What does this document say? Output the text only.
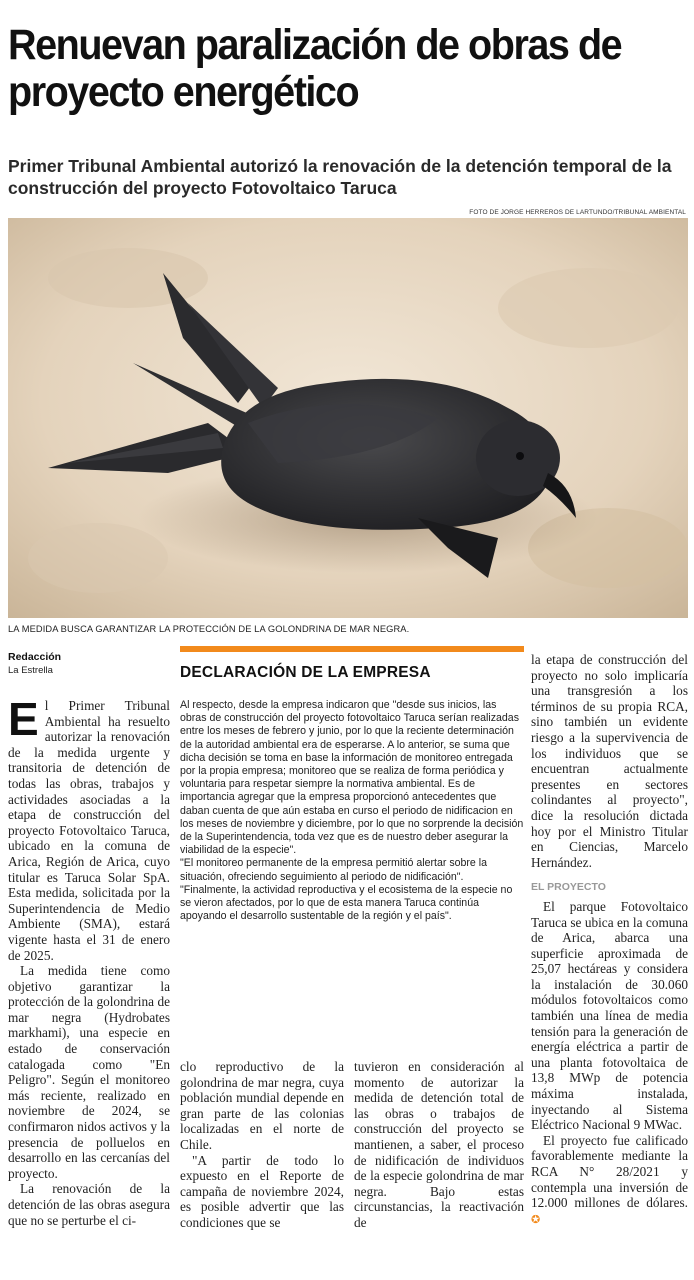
Renuevan paralización de obras de proyecto energético
Primer Tribunal Ambiental autorizó la renovación de la detención temporal de la construcción del proyecto Fotovoltaico Taruca
FOTO DE JORGE HERREROS DE LARTUNDO/TRIBUNAL AMBIENTAL
LA MEDIDA BUSCA GARANTIZAR LA PROTECCIÓN DE LA GOLONDRINA DE MAR NEGRA.
Redacción
La Estrella

El Primer Tribunal Ambiental ha resuelto autorizar la renovación de la medida urgente y transitoria de detención de todas las obras, trabajos y actividades asociadas a la etapa de construcción del proyecto Fotovoltaico Taruca, ubicado en la comuna de Arica, Región de Arica, cuyo titular es Taruca Solar SpA. Esta medida, solicitada por la Superintendencia de Medio Ambiente (SMA), estará vigente hasta el 31 de enero de 2025.

La medida tiene como objetivo garantizar la protección de la golondrina de mar negra (Hydrobates markhami), una especie en estado de conservación catalogada como "En Peligro". Según el monitoreo más reciente, realizado en noviembre de 2024, se confirmaron nidos activos y la presencia de polluelos en desarrollo en las cercanías del proyecto.

La renovación de la detención de las obras asegura que no se perturbe el ci-

DECLARACIÓN DE LA EMPRESA

Al respecto, desde la empresa indicaron que "desde sus inicios, las obras de construcción del proyecto fotovoltaico Taruca serían realizadas entre los meses de febrero y junio, por lo que la reciente determinación de la autoridad ambiental era de esperarse. A lo anterior, se suma que dicha decisión se toma en base la información de monitoreo entregada por la propia empresa; monitoreo que se realiza de forma periódica y voluntaria para respetar siempre la normativa ambiental. Es de importancia agregar que la empresa proporcionó antecedentes que daban cuenta de que aún estaba en curso el periodo de nidificacion en los meses de noviembre y diciembre, por lo que no sorprende la decisión de la Superintendencia, toda vez que es de nuestro deber asegurar la viabilidad de la especie".

"El monitoreo permanente de la empresa permitió alertar sobre la situación, ofreciendo seguimiento al periodo de nidificación".

"Finalmente, la actividad reproductiva y el ecosistema de la especie no se vieron afectados, por lo que de esta manera Taruca continúa apoyando el desarrollo sustentable de la región y el país".

clo reproductivo de la golondrina de mar negra, cuya población mundial depende en gran parte de las colonias localizadas en el norte de Chile.

"A partir de todo lo expuesto en el Reporte de campaña de noviembre 2024, es posible advertir que las condiciones que se

tuvieron en consideración al momento de autorizar la medida de detención total de las obras o trabajos de construcción del proyecto se mantienen, a saber, el proceso de nidificación de individuos de la especie golondrina de mar negra. Bajo estas circunstancias, la reactivación de

la etapa de construcción del proyecto no solo implicaría una transgresión a los términos de su propia RCA, sino también un evidente riesgo a la supervivencia de los individuos que se encuentran actualmente presentes en sectores colindantes al proyecto", dice la resolución dictada hoy por el Ministro Titular en Ciencias, Marcelo Hernández.

EL PROYECTO

El parque Fotovoltaico Taruca se ubica en la comuna de Arica, abarca una superficie aproximada de 25,07 hectáreas y considera la instalación de 30.060 módulos fotovoltaicos como también una línea de media tensión para la generación de energía eléctrica a partir de una planta fotovoltaica de 13,8 MWp de potencia máxima instalada, inyectando al Sistema Eléctrico Nacional 9 MWac.

El proyecto fue calificado favorablemente mediante la RCA N° 28/2021 y contempla una inversión de 12.000 millones de dólares. ✪
